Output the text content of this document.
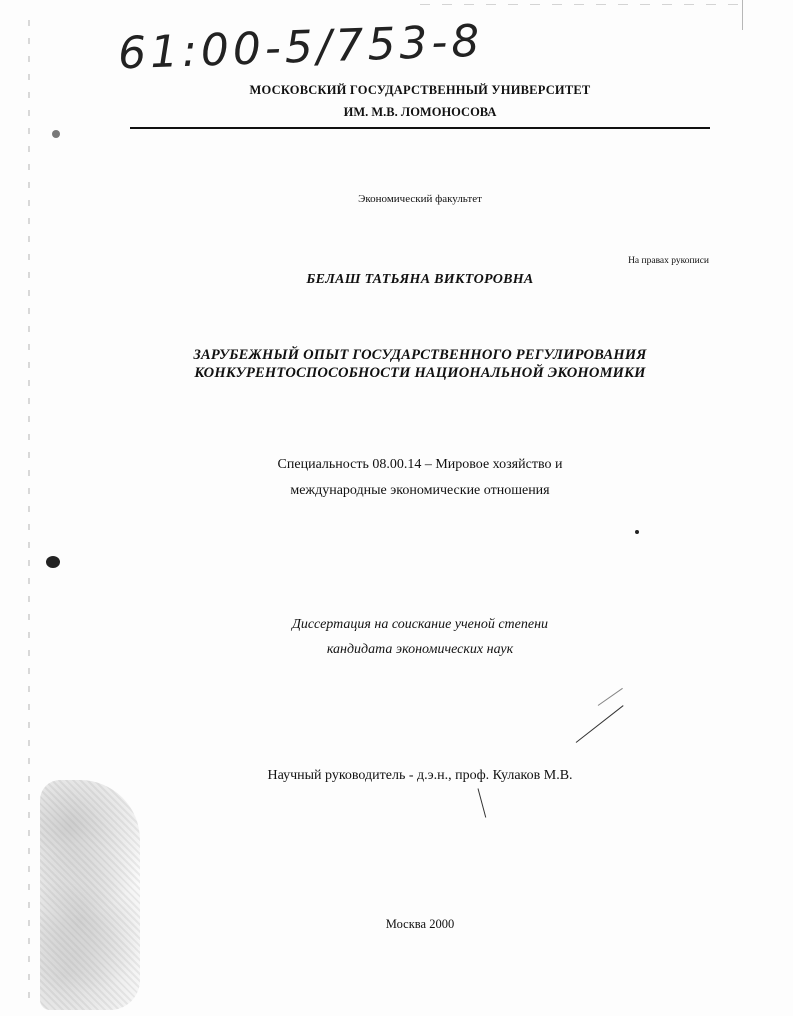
61:00-5/753-8
МОСКОВСКИЙ ГОСУДАРСТВЕННЫЙ УНИВЕРСИТЕТ
ИМ. М.В. ЛОМОНОСОВА
Экономический факультет
На правах рукописи
БЕЛАШ ТАТЬЯНА ВИКТОРОВНА
ЗАРУБЕЖНЫЙ ОПЫТ ГОСУДАРСТВЕННОГО РЕГУЛИРОВАНИЯ
КОНКУРЕНТОСПОСОБНОСТИ НАЦИОНАЛЬНОЙ ЭКОНОМИКИ
Специальность 08.00.14 – Мировое хозяйство и
международные экономические отношения
Диссертация на соискание ученой степени
кандидата экономических наук
Научный руководитель - д.э.н., проф. Кулаков М.В.
Москва 2000
